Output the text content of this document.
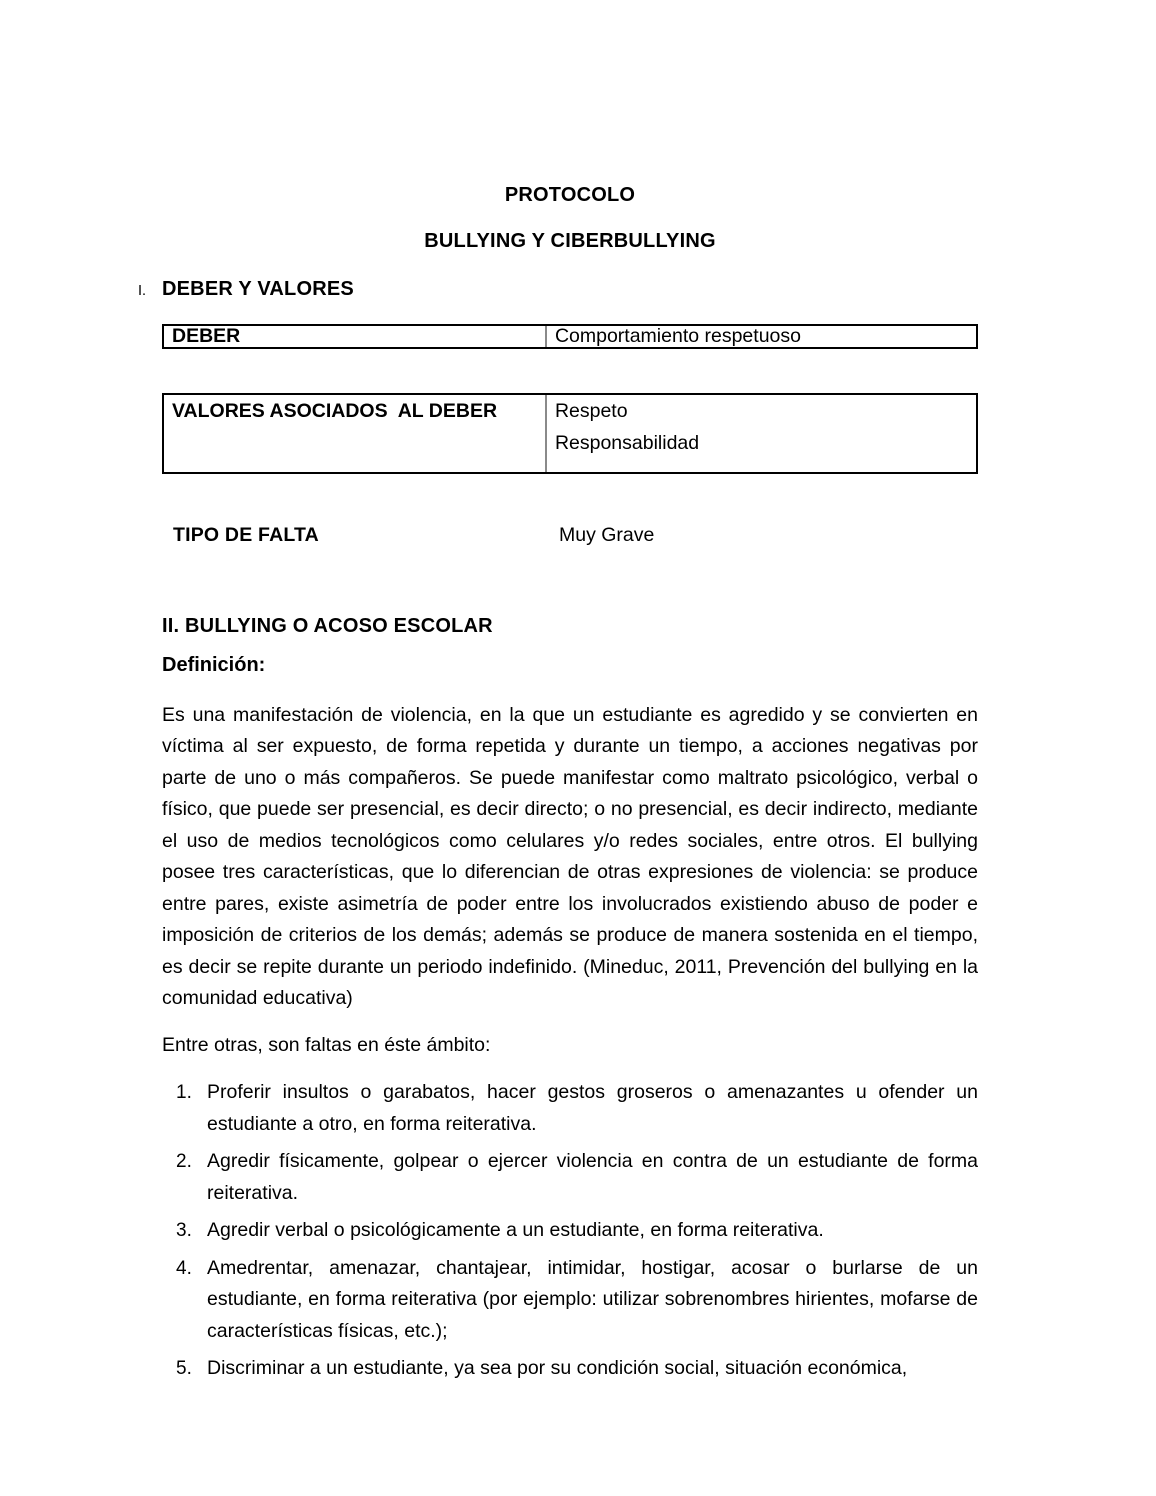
PROTOCOLO
BULLYING Y CIBERBULLYING
I. DEBER Y VALORES
DEBER	Comportamiento respetuoso
VALORES ASOCIADOS  AL DEBER	Respeto
Responsabilidad
TIPO DE FALTA	Muy Grave
II. BULLYING O ACOSO ESCOLAR
Definición:
Es una manifestación de violencia, en la que un estudiante es agredido y se convierten en víctima al ser expuesto, de forma repetida y durante un tiempo, a acciones negativas por parte de uno o más compañeros. Se puede manifestar como maltrato psicológico, verbal o físico, que puede ser presencial, es decir directo; o no presencial, es decir indirecto, mediante el uso de medios tecnológicos como celulares y/o redes sociales, entre otros. El bullying posee tres características, que lo diferencian de otras expresiones de violencia: se produce entre pares, existe asimetría de poder entre los involucrados existiendo abuso de poder e imposición de criterios de los demás; además se produce de manera sostenida en el tiempo, es decir se repite durante un periodo indefinido. (Mineduc, 2011, Prevención del bullying en la comunidad educativa)
Entre otras, son faltas en éste ámbito:
1. Proferir insultos o garabatos, hacer gestos groseros o amenazantes u ofender un estudiante a otro, en forma reiterativa.
2. Agredir físicamente, golpear o ejercer violencia en contra de un estudiante de forma reiterativa.
3. Agredir verbal o psicológicamente a un estudiante, en forma reiterativa.
4. Amedrentar, amenazar, chantajear, intimidar, hostigar, acosar o burlarse de un estudiante, en forma reiterativa (por ejemplo: utilizar sobrenombres hirientes, mofarse de características físicas, etc.);
5. Discriminar a un estudiante, ya sea por su condición social, situación económica,
